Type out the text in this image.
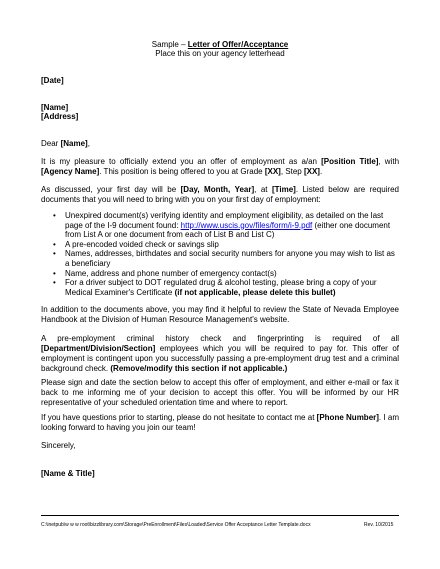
Sample – Letter of Offer/Acceptance
Place this on your agency letterhead
[Date]
[Name]
[Address]
Dear [Name],
It is my pleasure to officially extend you an offer of employment as a/an [Position Title], with [Agency Name]. This position is being offered to you at Grade [XX], Step [XX].
As discussed, your first day will be [Day, Month, Year], at [Time]. Listed below are required documents that you will need to bring with you on your first day of employment:
• Unexpired document(s) verifying identity and employment eligibility, as detailed on the last page of the I-9 document found: http://www.uscis.gov/files/form/i-9.pdf (either one document from List A or one document from each of List B and List C)
• A pre-encoded voided check or savings slip
• Names, addresses, birthdates and social security numbers for anyone you may wish to list as a beneficiary
• Name, address and phone number of emergency contact(s)
• For a driver subject to DOT regulated drug & alcohol testing, please bring a copy of your Medical Examiner's Certificate (if not applicable, please delete this bullet)
In addition to the documents above, you may find it helpful to review the State of Nevada Employee Handbook at the Division of Human Resource Management's website.
A pre-employment criminal history check and fingerprinting is required of all
[Department/Division/Section] employees which you will be required to pay for. This offer of employment is contingent upon you successfully passing a pre-employment drug test and a criminal background check. (Remove/modify this section if not applicable.)
Please sign and date the section below to accept this offer of employment, and either e-mail or fax it back to me informing me of your decision to accept this offer. You will be informed by our HR representative of your scheduled orientation time and where to report.
If you have questions prior to starting, please do not hesitate to contact me at [Phone Number]. I am looking forward to having you join our team!
Sincerely,
[Name & Title]
C:\inetpub\w w w root\bizzlibrary.com\Storage\PreEnrollment\Files\Loaded\Service Offer Acceptance Letter Template.docx	Rev. 10/2015
